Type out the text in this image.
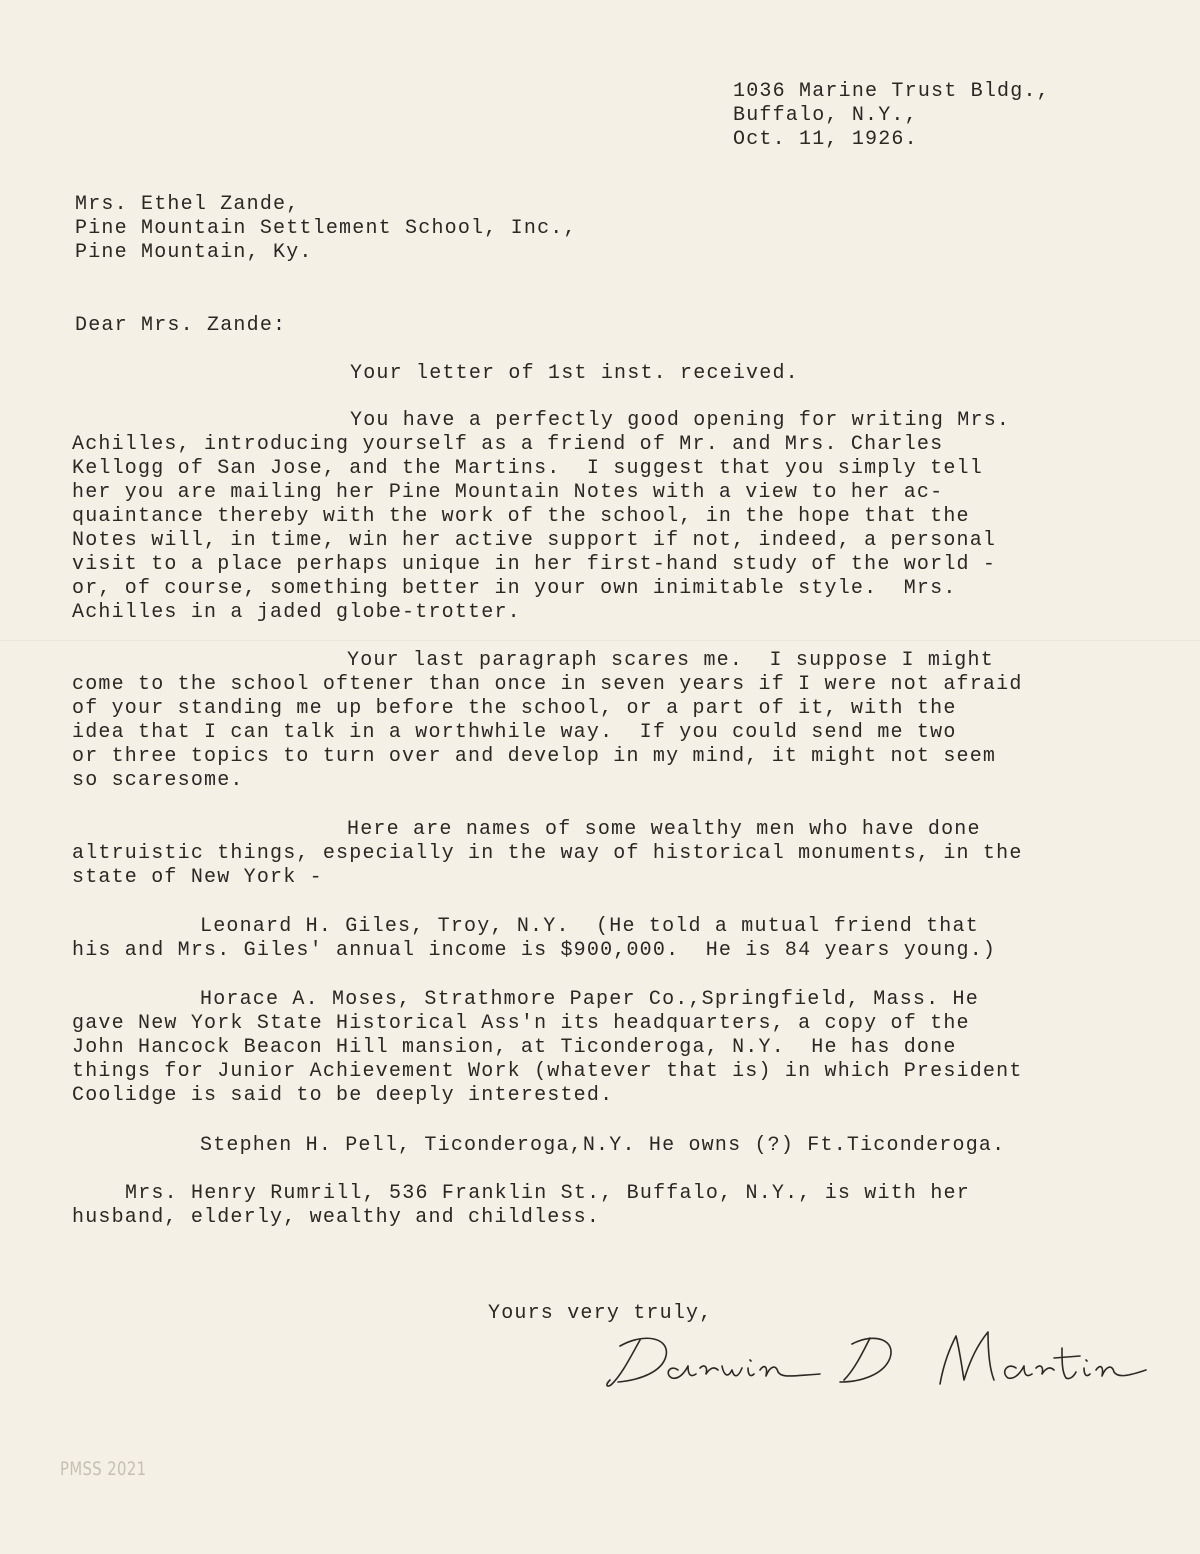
1036 Marine Trust Bldg.,
Buffalo, N.Y.,
Oct. 11, 1926.
Mrs. Ethel Zande,
Pine Mountain Settlement School, Inc.,
Pine Mountain, Ky.
Dear Mrs. Zande:
Your letter of 1st inst. received.
You have a perfectly good opening for writing Mrs.
Achilles, introducing yourself as a friend of Mr. and Mrs. Charles
Kellogg of San Jose, and the Martins.  I suggest that you simply tell
her you are mailing her Pine Mountain Notes with a view to her ac-
quaintance thereby with the work of the school, in the hope that the
Notes will, in time, win her active support if not, indeed, a personal
visit to a place perhaps unique in her first-hand study of the world -
or, of course, something better in your own inimitable style.  Mrs.
Achilles in a jaded globe-trotter.
Your last paragraph scares me.  I suppose I might
come to the school oftener than once in seven years if I were not afraid
of your standing me up before the school, or a part of it, with the
idea that I can talk in a worthwhile way.  If you could send me two
or three topics to turn over and develop in my mind, it might not seem
so scaresome.
Here are names of some wealthy men who have done
altruistic things, especially in the way of historical monuments, in the
state of New York -
Leonard H. Giles, Troy, N.Y.  (He told a mutual friend that
his and Mrs. Giles' annual income is $900,000.  He is 84 years young.)
Horace A. Moses, Strathmore Paper Co.,Springfield, Mass. He
gave New York State Historical Ass'n its headquarters, a copy of the
John Hancock Beacon Hill mansion, at Ticonderoga, N.Y.  He has done
things for Junior Achievement Work (whatever that is) in which President
Coolidge is said to be deeply interested.
Stephen H. Pell, Ticonderoga,N.Y. He owns (?) Ft.Ticonderoga.
Mrs. Henry Rumrill, 536 Franklin St., Buffalo, N.Y., is with her
husband, elderly, wealthy and childless.
Yours very truly,
PMSS 2021
